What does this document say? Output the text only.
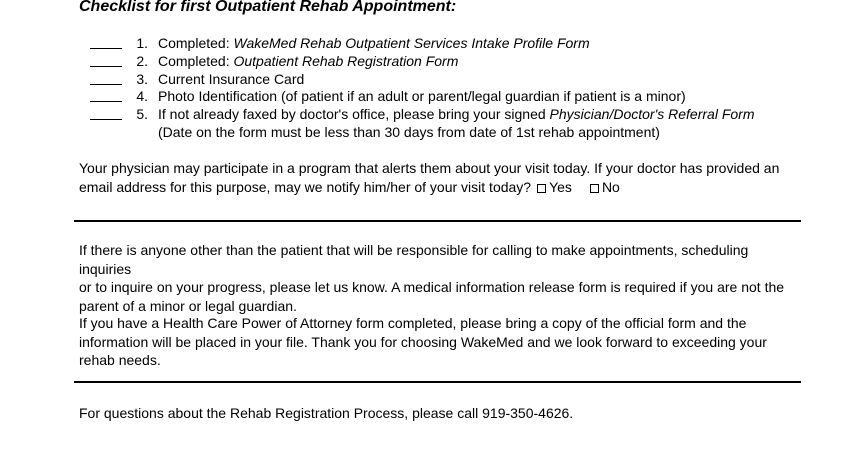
Checklist for first Outpatient Rehab Appointment:
1. Completed: WakeMed Rehab Outpatient Services Intake Profile Form
2. Completed: Outpatient Rehab Registration Form
3. Current Insurance Card
4. Photo Identification (of patient if an adult or parent/legal guardian if patient is a minor)
5. If not already faxed by doctor's office, please bring your signed Physician/Doctor's Referral Form
(Date on the form must be less than 30 days from date of 1st rehab appointment)
Your physician may participate in a program that alerts them about your visit today. If your doctor has provided an
email address for this purpose, may we notify him/her of your visit today? Yes No
If there is anyone other than the patient that will be responsible for calling to make appointments, scheduling inquiries
or to inquire on your progress, please let us know. A medical information release form is required if you are not the
parent of a minor or legal guardian.
If you have a Health Care Power of Attorney form completed, please bring a copy of the official form and the
information will be placed in your file. Thank you for choosing WakeMed and we look forward to exceeding your
rehab needs.
For questions about the Rehab Registration Process, please call 919-350-4626.
